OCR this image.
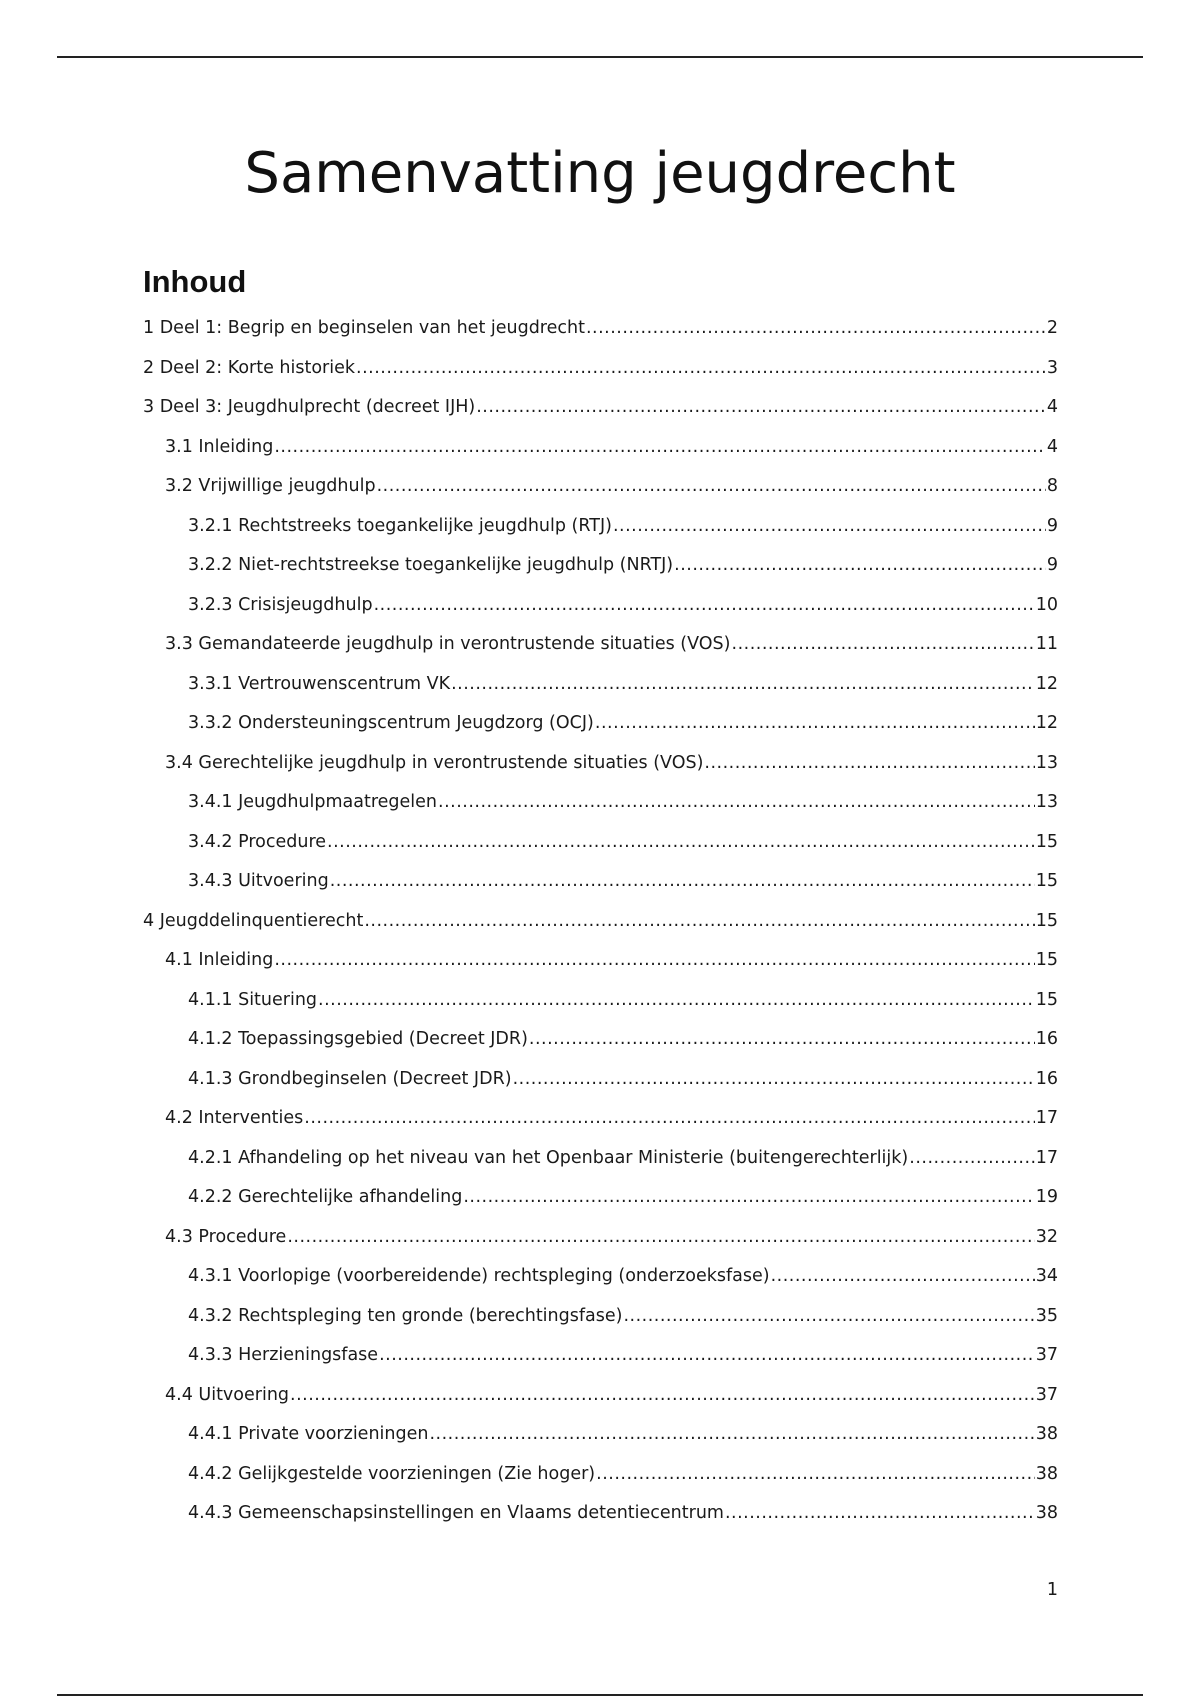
Samenvatting jeugdrecht
Inhoud
1 Deel 1: Begrip en beginselen van het jeugdrecht .....	2
2 Deel 2: Korte historiek .....	3
3 Deel 3: Jeugdhulprecht (decreet IJH) .....	4
3.1 Inleiding .....	4
3.2 Vrijwillige jeugdhulp .....	8
3.2.1 Rechtstreeks toegankelijke jeugdhulp (RTJ) .....	9
3.2.2 Niet-rechtstreekse toegankelijke jeugdhulp (NRTJ) .....	9
3.2.3 Crisisjeugdhulp .....	10
3.3 Gemandateerde jeugdhulp in verontrustende situaties (VOS) .....	11
3.3.1 Vertrouwenscentrum VK .....	12
3.3.2 Ondersteuningscentrum Jeugdzorg (OCJ) .....	12
3.4 Gerechtelijke jeugdhulp in verontrustende situaties (VOS) .....	13
3.4.1 Jeugdhulpmaatregelen .....	13
3.4.2 Procedure .....	15
3.4.3 Uitvoering .....	15
4 Jeugddelinquentierecht .....	15
4.1 Inleiding .....	15
4.1.1 Situering .....	15
4.1.2 Toepassingsgebied (Decreet JDR) .....	16
4.1.3 Grondbeginselen (Decreet JDR) .....	16
4.2 Interventies .....	17
4.2.1 Afhandeling op het niveau van het Openbaar Ministerie (buitengerechterlijk) .....	17
4.2.2 Gerechtelijke afhandeling .....	19
4.3 Procedure .....	32
4.3.1 Voorlopige (voorbereidende) rechtspleging (onderzoeksfase) .....	34
4.3.2 Rechtspleging ten gronde (berechtingsfase) .....	35
4.3.3 Herzieningsfase .....	37
4.4 Uitvoering .....	37
4.4.1 Private voorzieningen .....	38
4.4.2 Gelijkgestelde voorzieningen (Zie hoger) .....	38
4.4.3 Gemeenschapsinstellingen en Vlaams detentiecentrum .....	38
1
